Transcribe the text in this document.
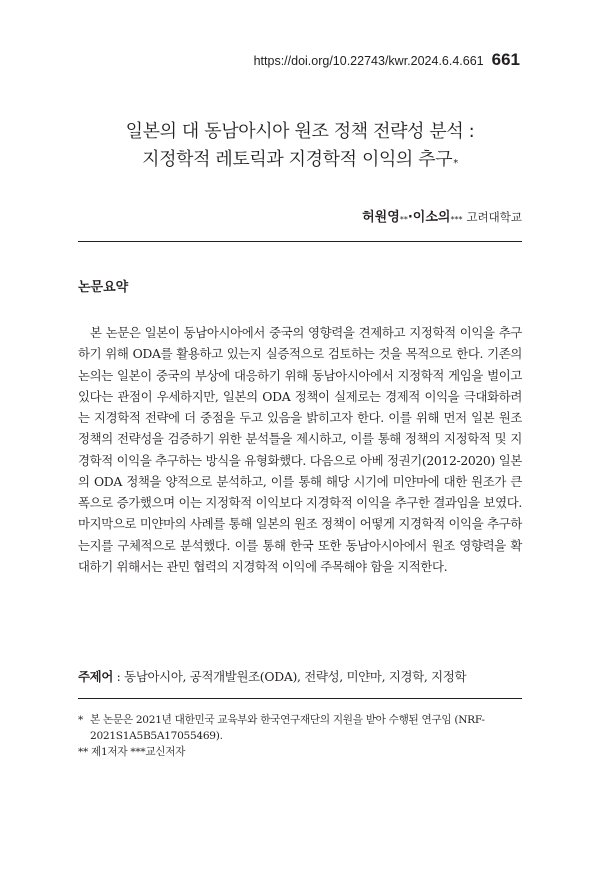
https://doi.org/10.22743/kwr.2024.6.4.661 661
일본의 대 동남아시아 원조 정책 전략성 분석 :
지정학적 레토릭과 지경학적 이익의 추구*
허원영**·이소의*** 고려대학교
논문요약

본 논문은 일본이 동남아시아에서 중국의 영향력을 견제하고 지정학적 이익을 추구하기 위해 ODA를 활용하고 있는지 실증적으로 검토하는 것을 목적으로 한다. 기존의 논의는 일본이 중국의 부상에 대응하기 위해 동남아시아에서 지정학적 게임을 벌이고 있다는 관점이 우세하지만, 일본의 ODA 정책이 실제로는 경제적 이익을 극대화하려는 지경학적 전략에 더 중점을 두고 있음을 밝히고자 한다. 이를 위해 먼저 일본 원조 정책의 전략성을 검증하기 위한 분석틀을 제시하고, 이를 통해 정책의 지정학적 및 지경학적 이익을 추구하는 방식을 유형화했다. 다음으로 아베 정권기(2012-2020) 일본의 ODA 정책을 양적으로 분석하고, 이를 통해 해당 시기에 미얀마에 대한 원조가 큰 폭으로 증가했으며 이는 지정학적 이익보다 지경학적 이익을 추구한 결과임을 보였다. 마지막으로 미얀마의 사례를 통해 일본의 원조 정책이 어떻게 지경학적 이익을 추구하는지를 구체적으로 분석했다. 이를 통해 한국 또한 동남아시아에서 원조 영향력을 확대하기 위해서는 관민 협력의 지경학적 이익에 주목해야 함을 지적한다.

주제어 : 동남아시아, 공적개발원조(ODA), 전략성, 미얀마, 지경학, 지정학
* 본 논문은 2021년 대한민국 교육부와 한국연구재단의 지원을 받아 수행된 연구임 (NRF-2021S1A5B5A17055469).
** 제1저자 ***교신저자
